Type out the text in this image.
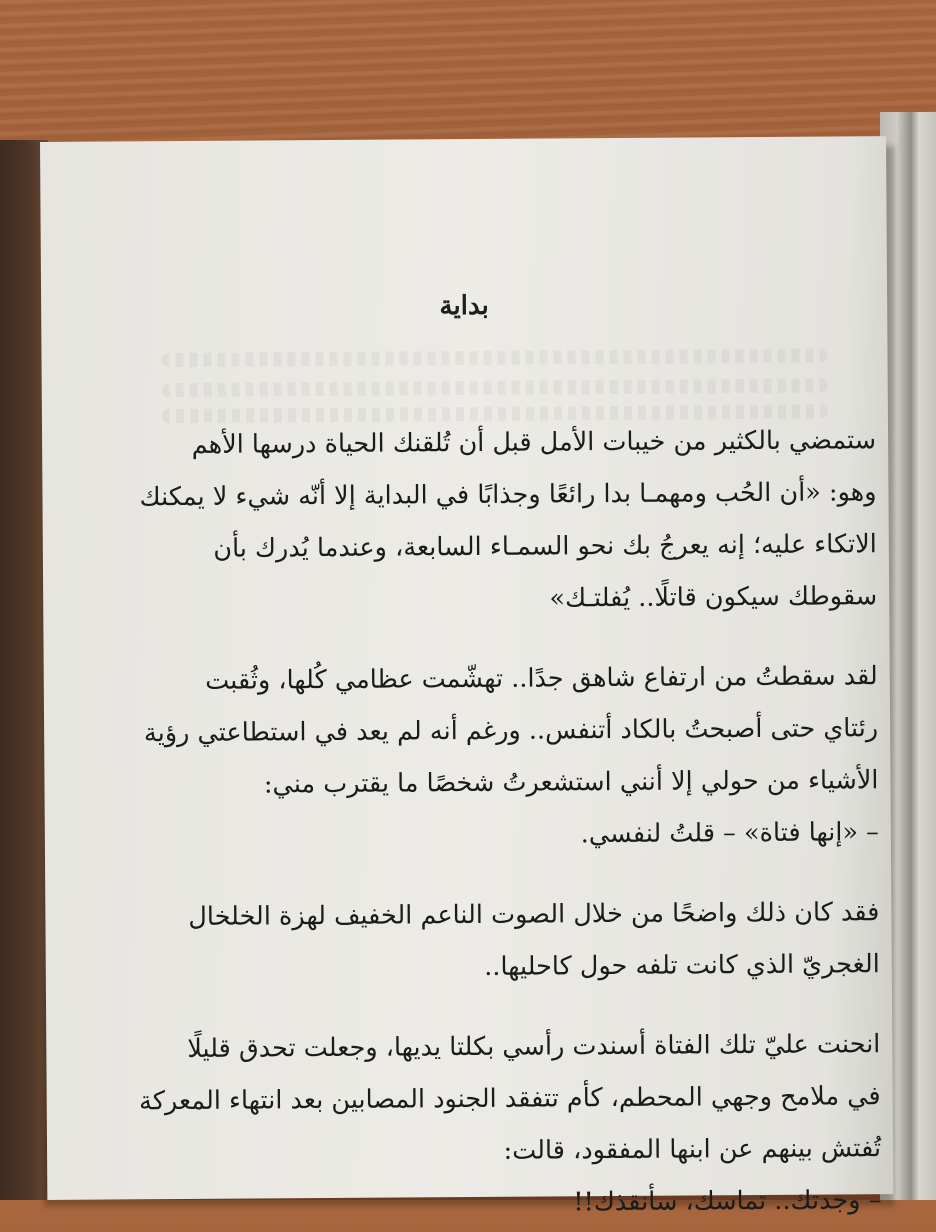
بداية
ستمضي بالكثير من خيبات الأمل قبل أن تُلقنك الحياة درسها الأهم
وهو: «أن الحُب ومهمـا بدا رائعًا وجذابًا في البداية إلا أنّه شيء لا يمكنك
الاتكاء عليه؛ إنه يعرجُ بك نحو السمـاء السابعة، وعندما يُدرك بأن
سقوطك سيكون قاتلًا.. يُفلتـك»
لقد سقطتُ من ارتفاع شاهق جدًا.. تهشّمت عظامي كُلها، وثُقبت
رئتاي حتى أصبحتُ بالكاد أتنفس.. ورغم أنه لم يعد في استطاعتي رؤية
الأشياء من حولي إلا أنني استشعرتُ شخصًا ما يقترب مني:
– «إنها فتاة» – قلتُ لنفسي.
فقد كان ذلك واضحًا من خلال الصوت الناعم الخفيف لهزة الخلخال
الغجريّ الذي كانت تلفه حول كاحليها..
انحنت عليّ تلك الفتاة أسندت رأسي بكلتا يديها، وجعلت تحدق قليلًا
في ملامح وجهي المحطم، كأم تتفقد الجنود المصابين بعد انتهاء المعركة
تُفتش بينهم عن ابنها المفقود، قالت:
– وجدتك.. تماسك، سأنقذك!!
